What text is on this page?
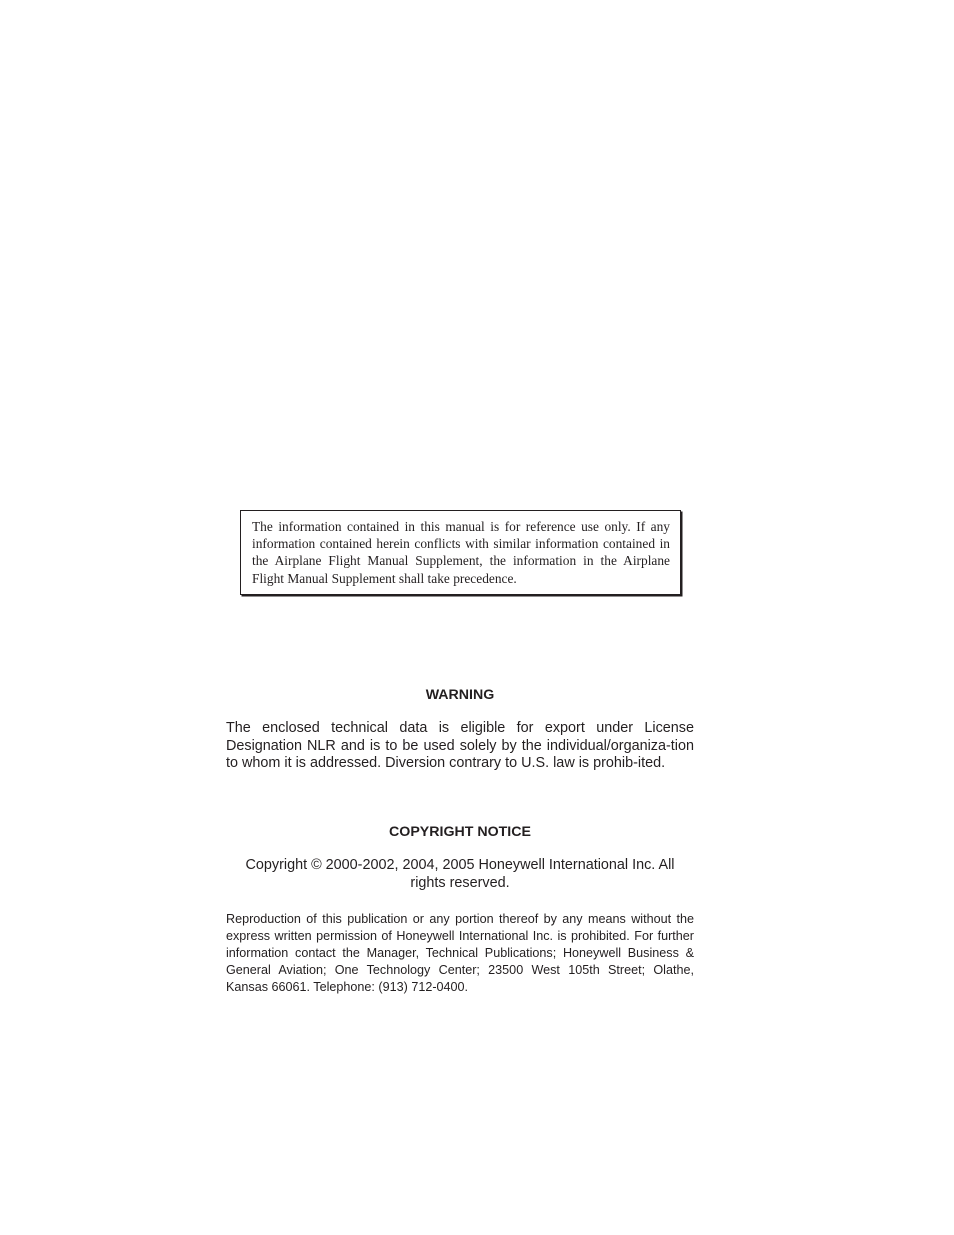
The information contained in this manual is for reference use only. If any information contained herein conflicts with similar information contained in the Airplane Flight Manual Supplement, the information in the Airplane Flight Manual Supplement shall take precedence.
WARNING
The enclosed technical data is eligible for export under License Designation NLR and is to be used solely by the individual/organiza-tion to whom it is addressed. Diversion contrary to U.S. law is prohib-ited.
COPYRIGHT NOTICE
Copyright © 2000-2002, 2004, 2005 Honeywell International Inc. All rights reserved.
Reproduction of this publication or any portion thereof by any means without the express written permission of Honeywell International Inc. is prohibited. For further information contact the Manager, Technical Publications; Honeywell Business & General Aviation; One Technology Center; 23500 West 105th Street; Olathe, Kansas 66061. Telephone: (913) 712-0400.
